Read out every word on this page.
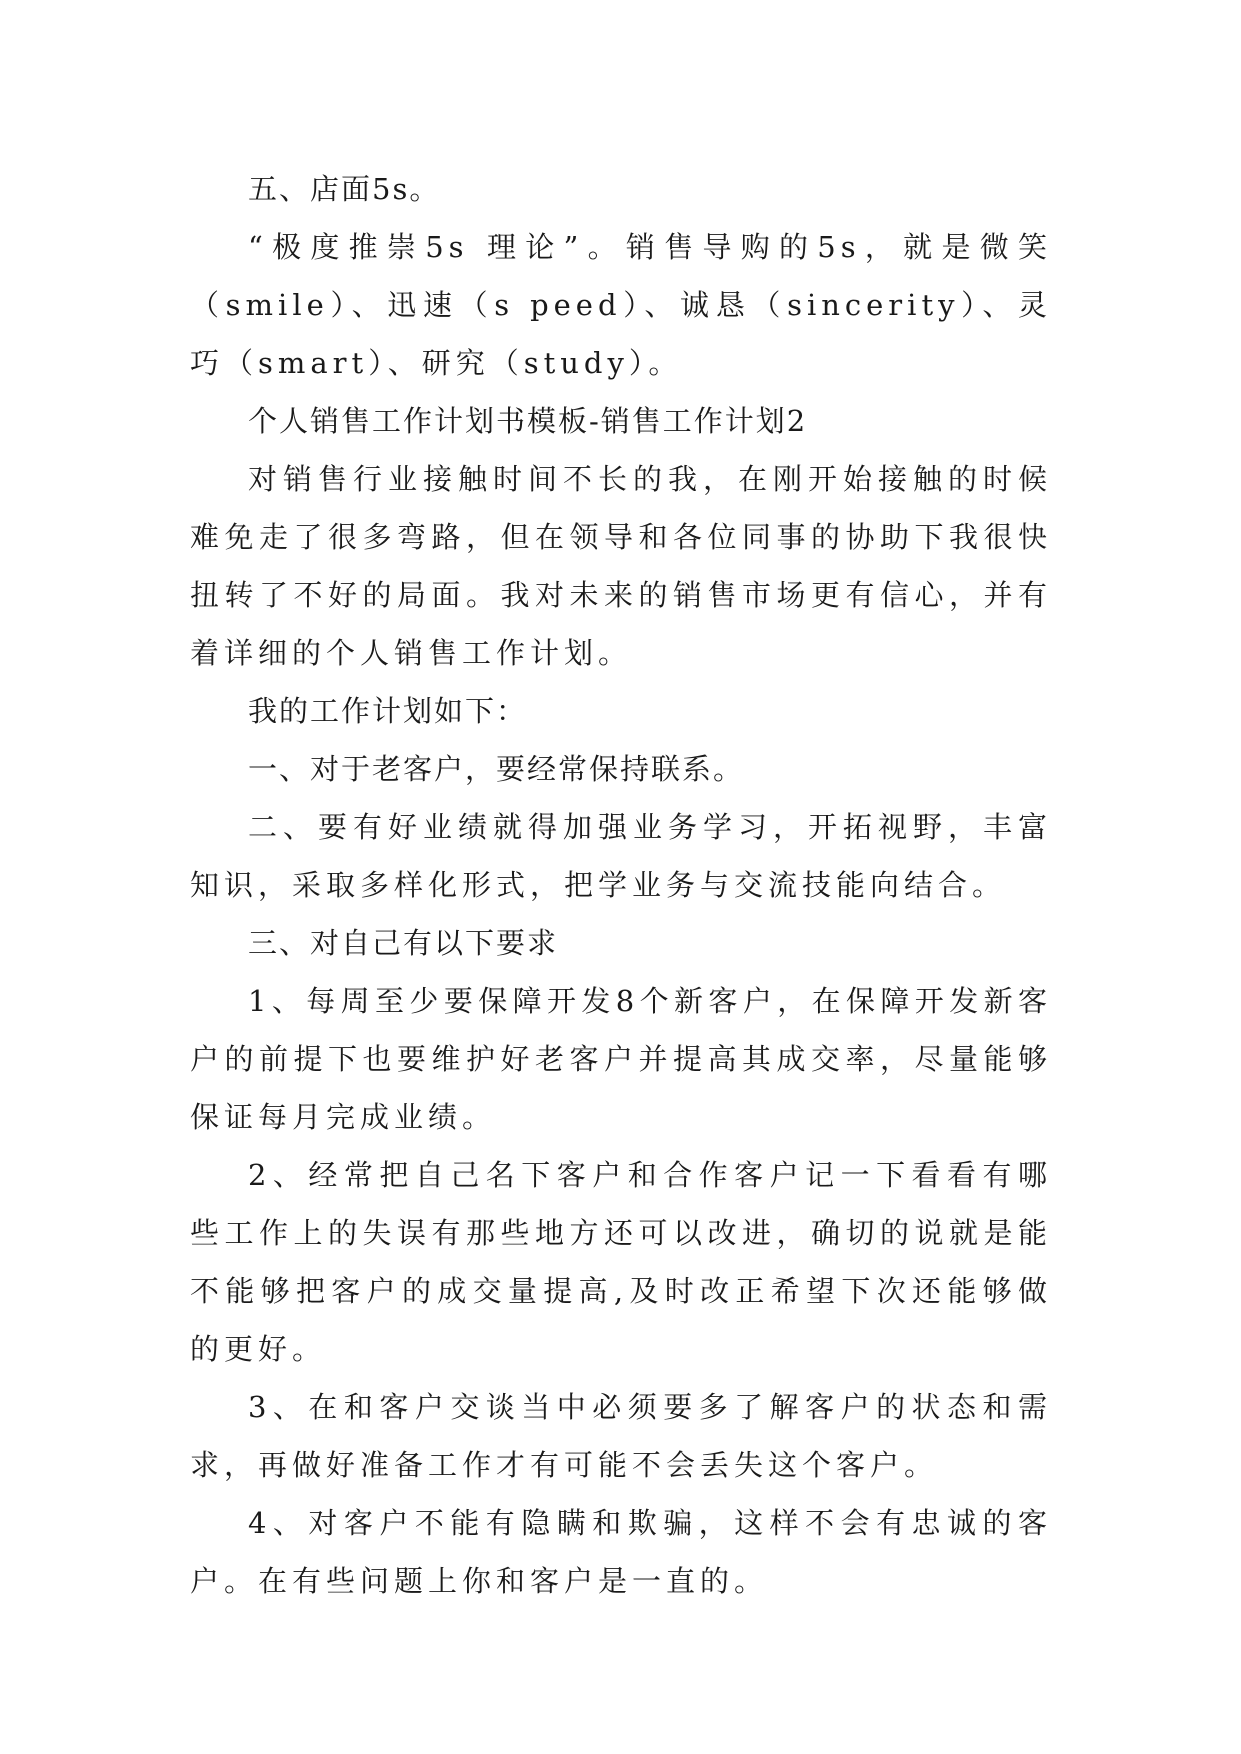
五、店面5s。

“极度推崇5s 理论”。销售导购的5s，就是微笑（smile）、迅速（s peed）、诚恳（sincerity）、灵巧（smart）、研究（study）。

个人销售工作计划书模板-销售工作计划2

对销售行业接触时间不长的我，在刚开始接触的时候难免走了很多弯路，但在领导和各位同事的协助下我很快扭转了不好的局面。我对未来的销售市场更有信心，并有着详细的个人销售工作计划。

我的工作计划如下：

一、对于老客户，要经常保持联系。

二、要有好业绩就得加强业务学习，开拓视野，丰富知识，采取多样化形式，把学业务与交流技能向结合。

三、对自己有以下要求

1、每周至少要保障开发8个新客户，在保障开发新客户的前提下也要维护好老客户并提高其成交率，尽量能够保证每月完成业绩。

2、经常把自己名下客户和合作客户记一下看看有哪些工作上的失误有那些地方还可以改进，确切的说就是能不能够把客户的成交量提高,及时改正希望下次还能够做的更好。

3、在和客户交谈当中必须要多了解客户的状态和需求，再做好准备工作才有可能不会丢失这个客户。

4、对客户不能有隐瞒和欺骗，这样不会有忠诚的客户。在有些问题上你和客户是一直的。
